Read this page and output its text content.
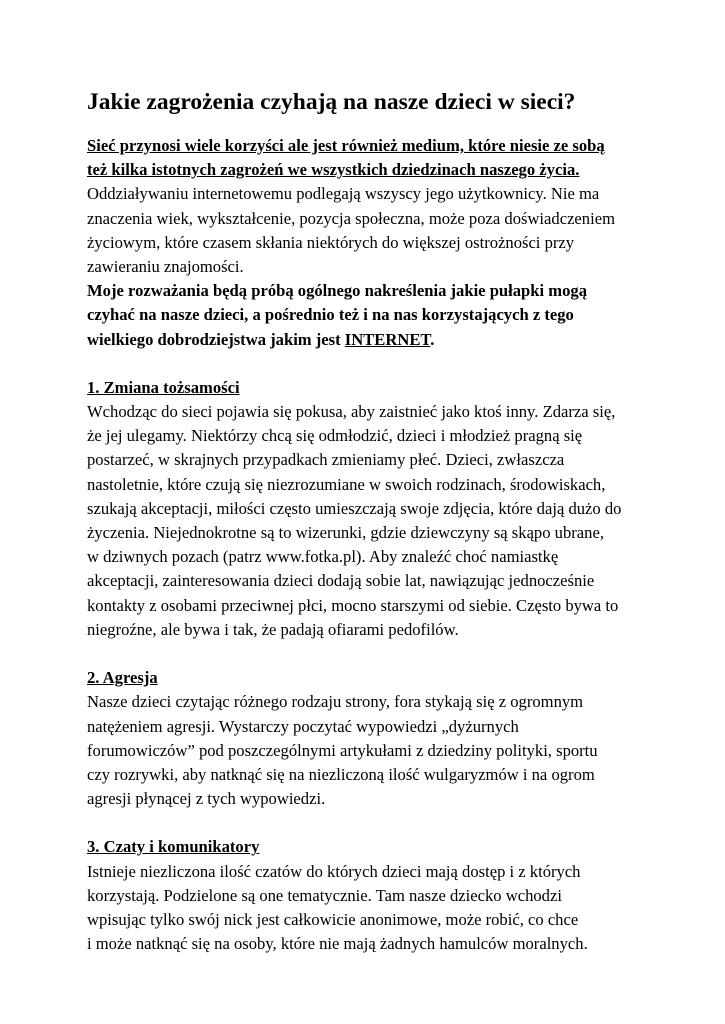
Jakie zagrożenia czyhają na nasze dzieci w sieci?
Sieć przynosi wiele korzyści ale jest również medium, które niesie ze sobą
też kilka istotnych zagrożeń we wszystkich dziedzinach naszego życia.
Oddziaływaniu internetowemu podlegają wszyscy jego użytkownicy. Nie ma
znaczenia wiek, wykształcenie, pozycja społeczna, może poza doświadczeniem
życiowym, które czasem skłania niektórych do większej ostrożności przy
zawieraniu znajomości.
Moje rozważania będą próbą ogólnego nakreślenia jakie pułapki mogą
czyhać na nasze dzieci, a pośrednio też i na nas korzystających z tego
wielkiego dobrodziejstwa jakim jest INTERNET.
1. Zmiana tożsamości
Wchodząc do sieci pojawia się pokusa, aby zaistnieć jako ktoś inny. Zdarza się,
że jej ulegamy. Niektórzy chcą się odmłodzić, dzieci i młodzież pragną się
postarzeć, w skrajnych przypadkach zmieniamy płeć. Dzieci, zwłaszcza
nastoletnie, które czują się niezrozumiane w swoich rodzinach, środowiskach,
szukają akceptacji, miłości często umieszczają swoje zdjęcia, które dają dużo do
życzenia. Niejednokrotne są to wizerunki, gdzie dziewczyny są skąpo ubrane,
w dziwnych pozach (patrz www.fotka.pl). Aby znaleźć choć namiastkę
akceptacji, zainteresowania dzieci dodają sobie lat, nawiązując jednocześnie
kontakty z osobami przeciwnej płci, mocno starszymi od siebie. Często bywa to
niegroźne, ale bywa i tak, że padają ofiarami pedofilów.
2. Agresja
Nasze dzieci czytając różnego rodzaju strony, fora stykają się z ogromnym
natężeniem agresji. Wystarczy poczytać wypowiedzi „dyżurnych
forumowiczów” pod poszczególnymi artykułami z dziedziny polityki, sportu
czy rozrywki, aby natknąć się na niezliczoną ilość wulgaryzmów i na ogrom
agresji płynącej z tych wypowiedzi.
3. Czaty i komunikatory
Istnieje niezliczona ilość czatów do których dzieci mają dostęp i z których
korzystają. Podzielone są one tematycznie. Tam nasze dziecko wchodzi
wpisując tylko swój nick jest całkowicie anonimowe, może robić, co chce
i może natknąć się na osoby, które nie mają żadnych hamulców moralnych.
